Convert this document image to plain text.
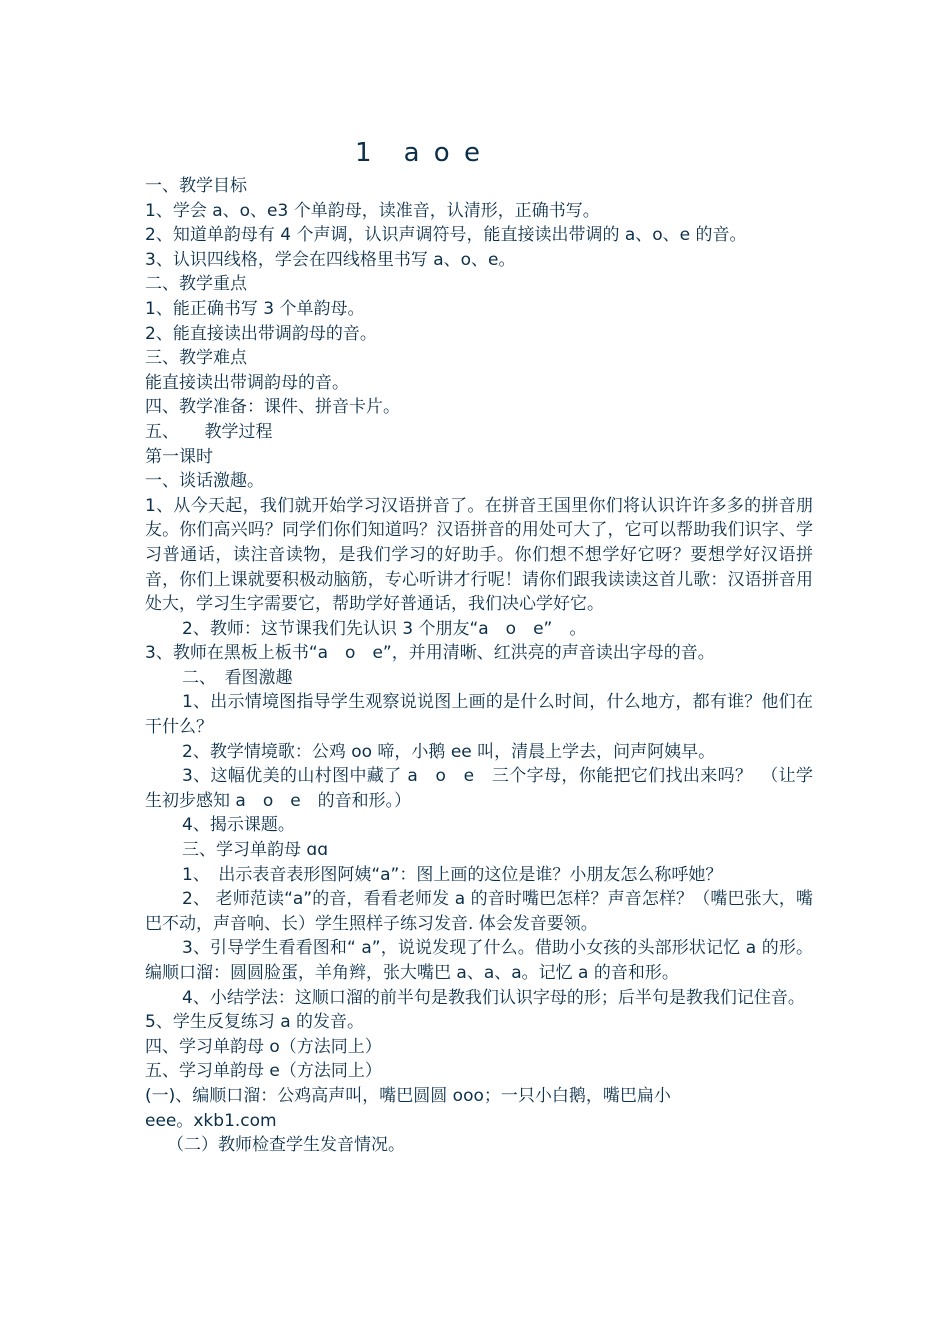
1　a o e

一、教学目标

1、学会 a、o、e3 个单韵母，读准音，认清形，正确书写。

2、知道单韵母有 4 个声调，认识声调符号，能直接读出带调的 a、o、e 的音。

3、认识四线格，学会在四线格里书写 a、o、e。

二、教学重点

1、能正确书写 3 个单韵母。

2、能直接读出带调韵母的音。

三、教学难点

能直接读出带调韵母的音。

四、教学准备：课件、拼音卡片。

五、　　教学过程

第一课时

一、谈话激趣。

1、从今天起，我们就开始学习汉语拼音了。在拼音王国里你们将认识许许多多的拼音朋友。你们高兴吗？同学们你们知道吗？汉语拼音的用处可大了，它可以帮助我们识字、学习普通话，读注音读物，是我们学习的好助手。你们想不想学好它呀？要想学好汉语拼音，你们上课就要积极动脑筋，专心听讲才行呢！请你们跟我读读这首儿歌：汉语拼音用处大，学习生字需要它，帮助学好普通话，我们决心学好它。

2、教师：这节课我们先认识 3 个朋友“a　o　e”　。

3、教师在黑板上板书“a　o　e”，并用清晰、红洪亮的声音读出字母的音。

二、　看图激趣

1、出示情境图指导学生观察说说图上画的是什么时间，什么地方，都有谁？他们在干什么？

2、教学情境歌：公鸡 oo 啼，小鹅 ee 叫，清晨上学去，问声阿姨早。

3、这幅优美的山村图中藏了 a　o　e　三个字母，你能把它们找出来吗？　（让学生初步感知 a　o　e　的音和形。）

4、揭示课题。

三、学习单韵母 ɑɑ

1、　出示表音表形图阿姨“a”：图上画的这位是谁？小朋友怎么称呼她？

2、 老师范读“a”的音，看看老师发 a 的音时嘴巴怎样？声音怎样？（嘴巴张大，嘴巴不动，声音响、长）学生照样子练习发音. 体会发音要领。

3、引导学生看看图和“ a”，说说发现了什么。借助小女孩的头部形状记忆 a 的形。编顺口溜：圆圆脸蛋，羊角辫，张大嘴巴 a、a、a。记忆 a 的音和形。

4、小结学法：这顺口溜的前半句是教我们认识字母的形；后半句是教我们记住音。

5、学生反复练习 a 的发音。

四、学习单韵母 o（方法同上）

五、学习单韵母 e（方法同上）

(一)、编顺口溜：公鸡高声叫，嘴巴圆圆 ooo；一只小白鹅，嘴巴扁小

eee。xkb1.com

（二）教师检查学生发音情况。
